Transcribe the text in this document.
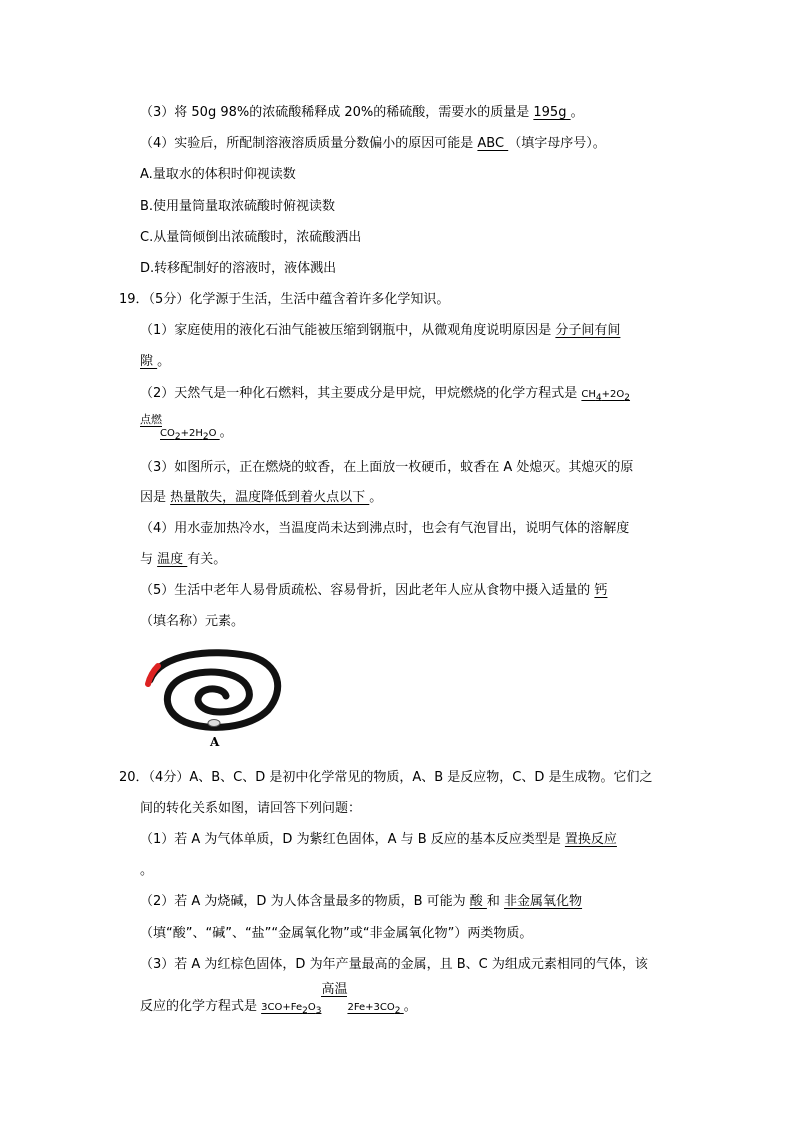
（3）将 50g 98%的浓硫酸稀释成 20%的稀硫酸，需要水的质量是 195g 。
（4）实验后，所配制溶液溶质质量分数偏小的原因可能是 ABC （填字母序号）。
A.量取水的体积时仰视读数
B.使用量筒量取浓硫酸时俯视读数
C.从量筒倾倒出浓硫酸时，浓硫酸洒出
D.转移配制好的溶液时，液体溅出
19．（5分）化学源于生活，生活中蕴含着许多化学知识。
（1）家庭使用的液化石油气能被压缩到钢瓶中，从微观角度说明原因是 分子间有间
隙 。
（2）天然气是一种化石燃料，其主要成分是甲烷，甲烷燃烧的化学方程式是 CH4+2O2
点燃
CO2+2H2O 。
（3）如图所示，正在燃烧的蚊香，在上面放一枚硬币，蚊香在 A 处熄灭。其熄灭的原
因是 热量散失，温度降低到着火点以下 。
（4）用水壶加热冷水，当温度尚未达到沸点时，也会有气泡冒出，说明气体的溶解度
与 温度 有关。
（5）生活中老年人易骨质疏松、容易骨折，因此老年人应从食物中摄入适量的 钙
（填名称）元素。
A
20．（4分）A、B、C、D 是初中化学常见的物质，A、B 是反应物，C、D 是生成物。它们之
间的转化关系如图，请回答下列问题：
（1）若 A 为气体单质，D 为紫红色固体，A 与 B 反应的基本反应类型是 置换反应
。
（2）若 A 为烧碱，D 为人体含量最多的物质，B 可能为 酸 和 非金属氧化物
（填“酸”、“碱”、“盐”“金属氧化物”或“非金属氧化物”）两类物质。
（3）若 A 为红棕色固体，D 为年产量最高的金属，且 B、C 为组成元素相同的气体，该
反应的化学方程式是 3CO+Fe2O3
高温
2Fe+3CO2 。
